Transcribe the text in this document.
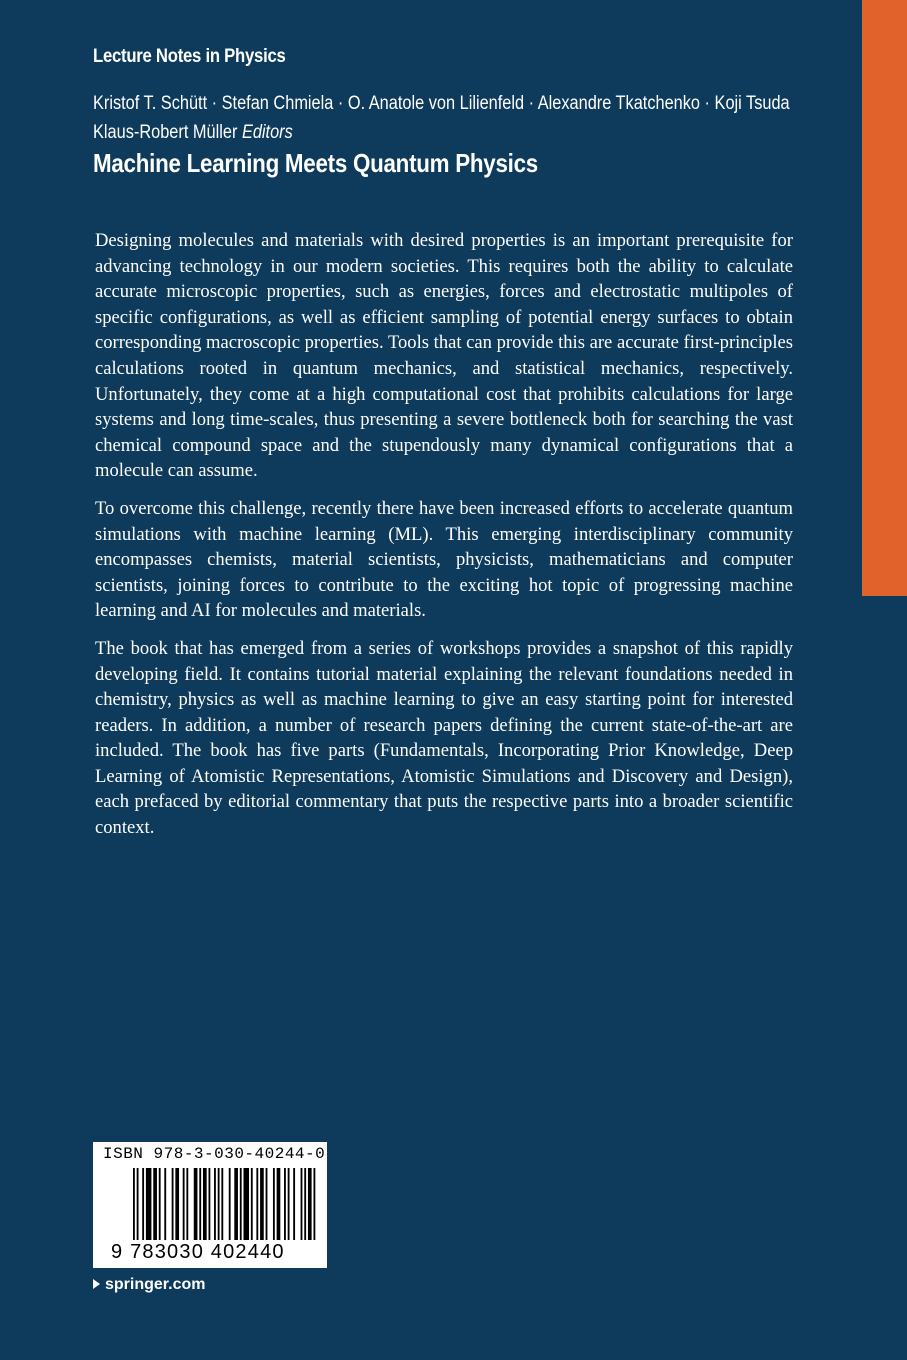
Lecture Notes in Physics
Kristof T. Schütt · Stefan Chmiela · O. Anatole von Lilienfeld · Alexandre Tkatchenko · Koji Tsuda
Klaus-Robert Müller Editors
Machine Learning Meets Quantum Physics

Designing molecules and materials with desired properties is an important prerequisite for advancing technology in our modern societies. This requires both the ability to calculate accurate microscopic properties, such as energies, forces and electrostatic multipoles of specific configurations, as well as efficient sampling of potential energy surfaces to obtain corresponding macroscopic properties. Tools that can provide this are accurate first-principles calculations rooted in quantum mechanics, and statistical mechanics, respectively. Unfortunately, they come at a high computational cost that prohibits calculations for large systems and long time-scales, thus presenting a severe bottleneck both for searching the vast chemical compound space and the stupendously many dynamical configurations that a molecule can assume.

To overcome this challenge, recently there have been increased efforts to accelerate quantum simulations with machine learning (ML). This emerging interdisciplinary community encompasses chemists, material scientists, physicists, mathematicians and computer scientists, joining forces to contribute to the exciting hot topic of progressing machine learning and AI for molecules and materials.

The book that has emerged from a series of workshops provides a snapshot of this rapidly developing field. It contains tutorial material explaining the relevant foundations needed in chemistry, physics as well as machine learning to give an easy starting point for interested readers. In addition, a number of research papers defining the current state-of-the-art are included. The book has five parts (Fundamentals, Incorporating Prior Knowledge, Deep Learning of Atomistic Representations, Atomistic Simulations and Discovery and Design), each prefaced by editorial commentary that puts the respective parts into a broader scientific context.

ISBN 978-3-030-40244-0
9 783030 402440
springer.com
